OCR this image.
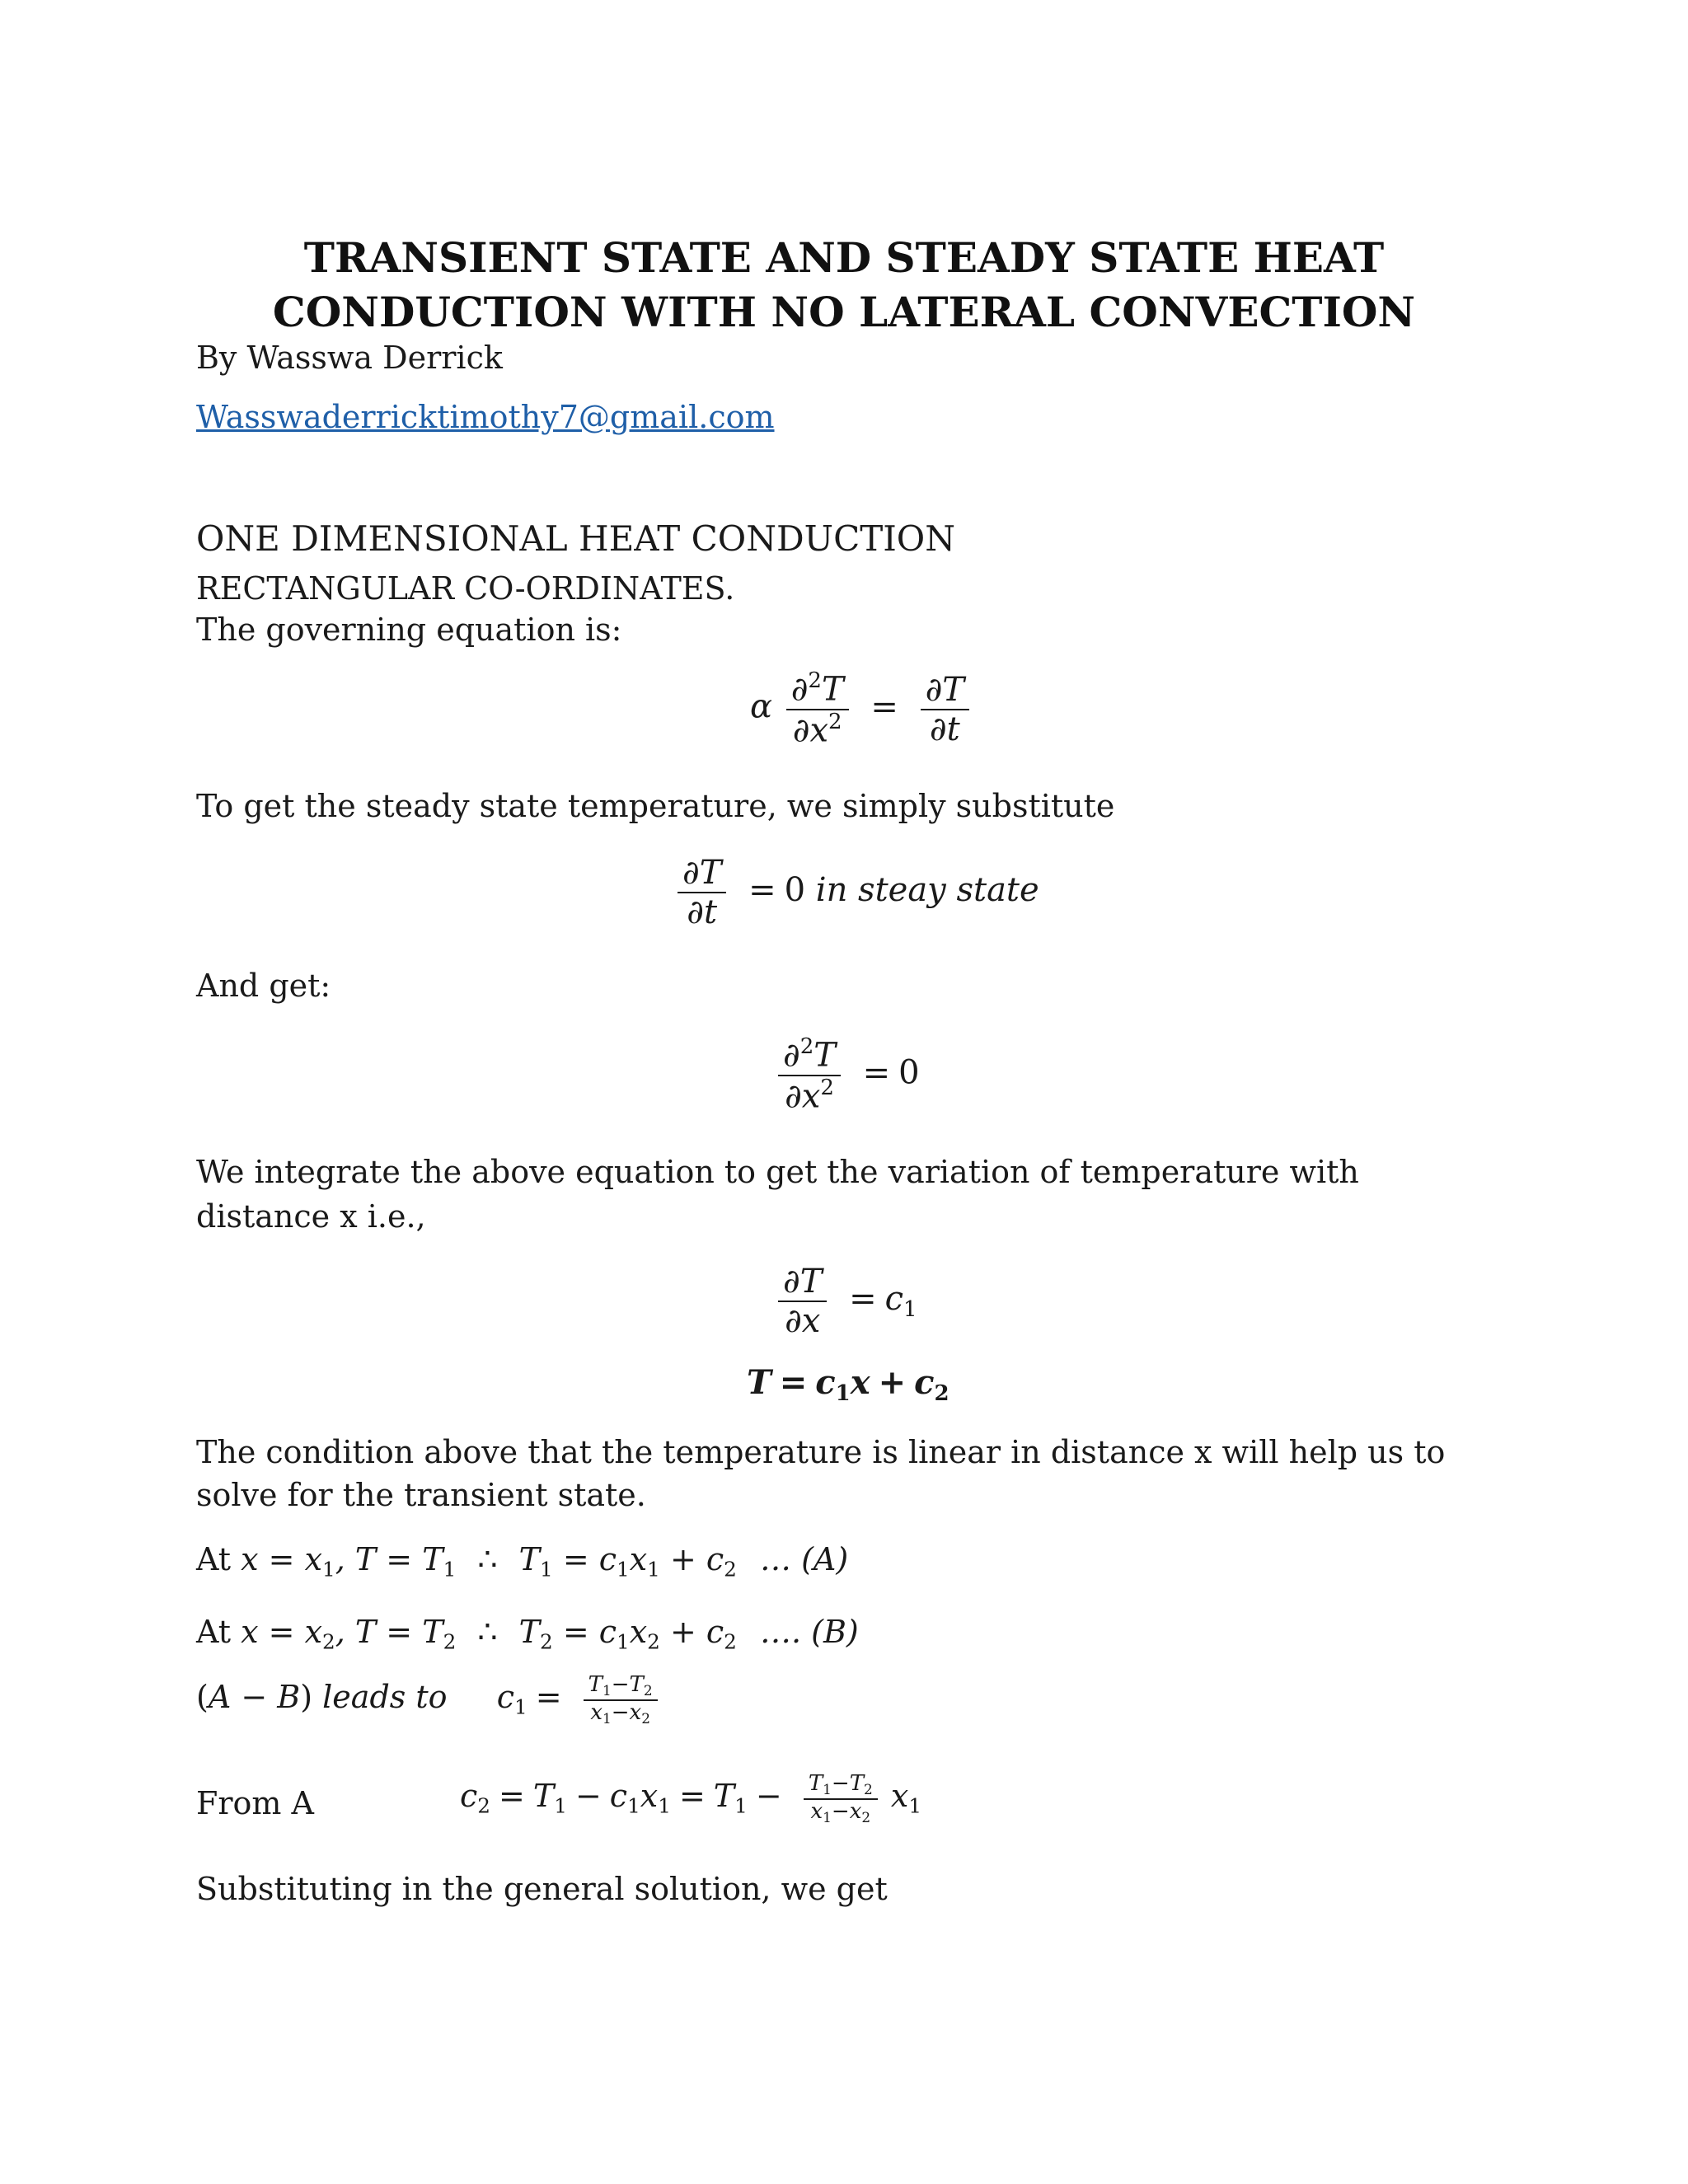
TRANSIENT STATE AND STEADY STATE HEAT
CONDUCTION WITH NO LATERAL CONVECTION
By Wasswa Derrick
Wasswaderricktimothy7@gmail.com
ONE DIMENSIONAL HEAT CONDUCTION
RECTANGULAR CO-ORDINATES.
The governing equation is:
α $\frac{\partial^2T}{\partial x^2} = \frac{\partial T}{\partial t}$
To get the steady state temperature, we simply substitute
$\frac{\partial T}{\partial t} = 0$ in steay state
And get:
$\frac{\partial^2T}{\partial x^2} = 0$
We integrate the above equation to get the variation of temperature with
distance x i.e.,
$\frac{\partial T}{\partial x} = c_1$
$T = c_1x + c_2$
The condition above that the temperature is linear in distance x will help us to
solve for the transient state.
At $x = x_1$, $T = T_1$ ∴ $T_1 = c_1x_1 + c_2$ … (A)
At $x = x_2$, $T = T_2$ ∴ $T_2 = c_1x_2 + c_2$ …. (B)
(A − B) leads to $c_1 = \frac{T_1-T_2}{x_1-x_2}$
From A	$c_2 = T_1 - c_1x_1 = T_1 - \frac{T_1-T_2}{x_1-x_2} x_1$
Substituting in the general solution, we get
